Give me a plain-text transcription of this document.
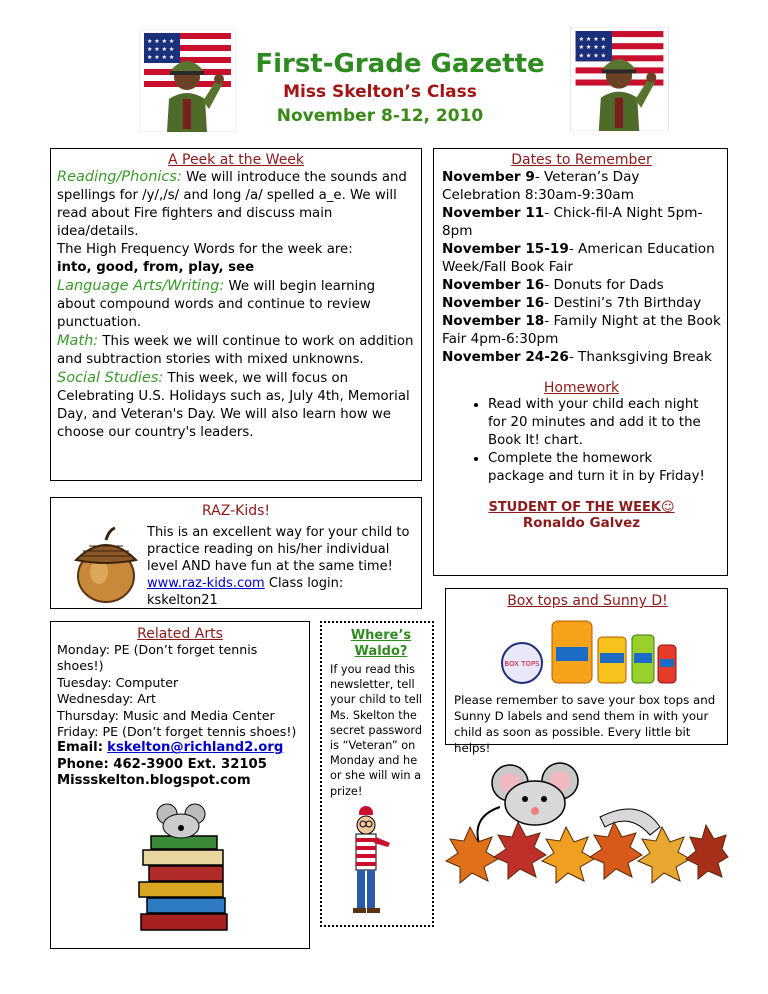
★ ★ ★ ★
★ ★ ★ ★
★ ★ ★ ★	First-Grade Gazette
Miss Skelton’s Class
November 8-12, 2010
★ ★ ★ ★
★ ★ ★ ★
★ ★ ★ ★
A Peek at the Week
Reading/Phonics: We will introduce the sounds and spellings for /y/,/s/ and long /a/ spelled a_e. We will read about Fire fighters and discuss main idea/details.
The High Frequency Words for the week are:
into, good, from, play, see
Language Arts/Writing: We will begin learning about compound words and continue to review punctuation.
Math: This week we will continue to work on addition and subtraction stories with mixed unknowns.
Social Studies: This week, we will focus on Celebrating U.S. Holidays such as, July 4th, Memorial Day, and Veteran's Day. We will also learn how we choose our country's leaders.
Dates to Remember
November 9- Veteran’s Day Celebration 8:30am-9:30am
November 11- Chick-fil-A Night 5pm-8pm
November 15-19- American Education Week/Fall Book Fair
November 16- Donuts for Dads
November 16- Destini’s 7th Birthday
November 18- Family Night at the Book Fair 4pm-6:30pm
November 24-26- Thanksgiving Break
Homework
• Read with your child each night for 20 minutes and add it to the Book It! chart.
• Complete the homework package and turn it in by Friday!
STUDENT OF THE WEEK☺
Ronaldo Galvez
RAZ-Kids!
This is an excellent way for your child to practice reading on his/her individual level AND have fun at the same time!
www.raz-kids.com Class login: kskelton21
Related Arts
Monday: PE (Don’t forget tennis shoes!)
Tuesday: Computer
Wednesday: Art
Thursday: Music and Media Center
Friday: PE (Don’t forget tennis shoes!)
Email: kskelton@richland2.org
Phone: 462-3900 Ext. 32105
Missskelton.blogspot.com
Where’s Waldo?
If you read this newsletter, tell your child to tell Ms. Skelton the secret password is “Veteran” on Monday and he or she will win a prize!
Box tops and Sunny D!
BOX TOPS
Please remember to save your box tops and Sunny D labels and send them in with your child as soon as possible. Every little bit helps!
